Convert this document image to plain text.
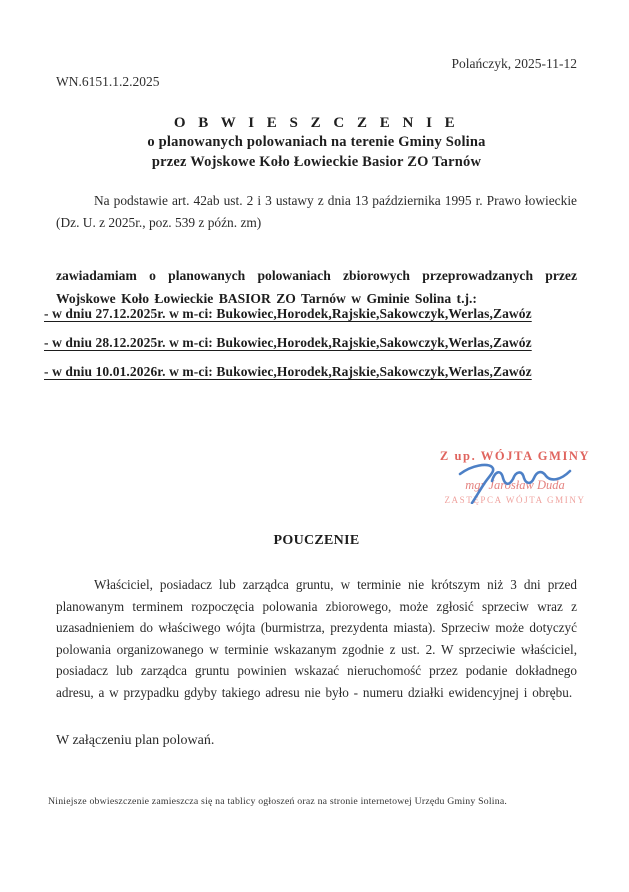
Polańczyk, 2025-11-12
WN.6151.1.2.2025
O B W I E S Z C Z E N I E
o planowanych polowaniach na terenie Gminy Solina
przez Wojskowe Koło Łowieckie Basior ZO Tarnów

Na podstawie art. 42ab ust. 2 i 3 ustawy z dnia 13 października 1995 r. Prawo łowieckie (Dz. U. z 2025r., poz. 539 z późn. zm)

zawiadamiam o planowanych polowaniach zbiorowych przeprowadzanych przez Wojskowe Koło Łowieckie BASIOR ZO Tarnów w Gminie Solina t.j.:

- w dniu 27.12.2025r. w m-ci: Bukowiec,Horodek,Rajskie,Sakowczyk,Werlas,Zawóz
- w dniu 28.12.2025r. w m-ci: Bukowiec,Horodek,Rajskie,Sakowczyk,Werlas,Zawóz
- w dniu 10.01.2026r. w m-ci: Bukowiec,Horodek,Rajskie,Sakowczyk,Werlas,Zawóz
Z up. WÓJTA GMINY
mgr Jarosław Duda
ZASTĘPCA WÓJTA GMINY
POUCZENIE

Właściciel, posiadacz lub zarządca gruntu, w terminie nie krótszym niż 3 dni przed planowanym terminem rozpoczęcia polowania zbiorowego, może zgłosić sprzeciw wraz z uzasadnieniem do właściwego wójta (burmistrza, prezydenta miasta). Sprzeciw może dotyczyć polowania organizowanego w terminie wskazanym zgodnie z ust. 2. W sprzeciwie właściciel, posiadacz lub zarządca gruntu powinien wskazać nieruchomość przez podanie dokładnego adresu, a w przypadku gdyby takiego adresu nie było - numeru działki ewidencyjnej i obrębu.

W załączeniu plan polowań.
Niniejsze obwieszczenie zamieszcza się na tablicy ogłoszeń oraz na stronie internetowej Urzędu Gminy Solina.
